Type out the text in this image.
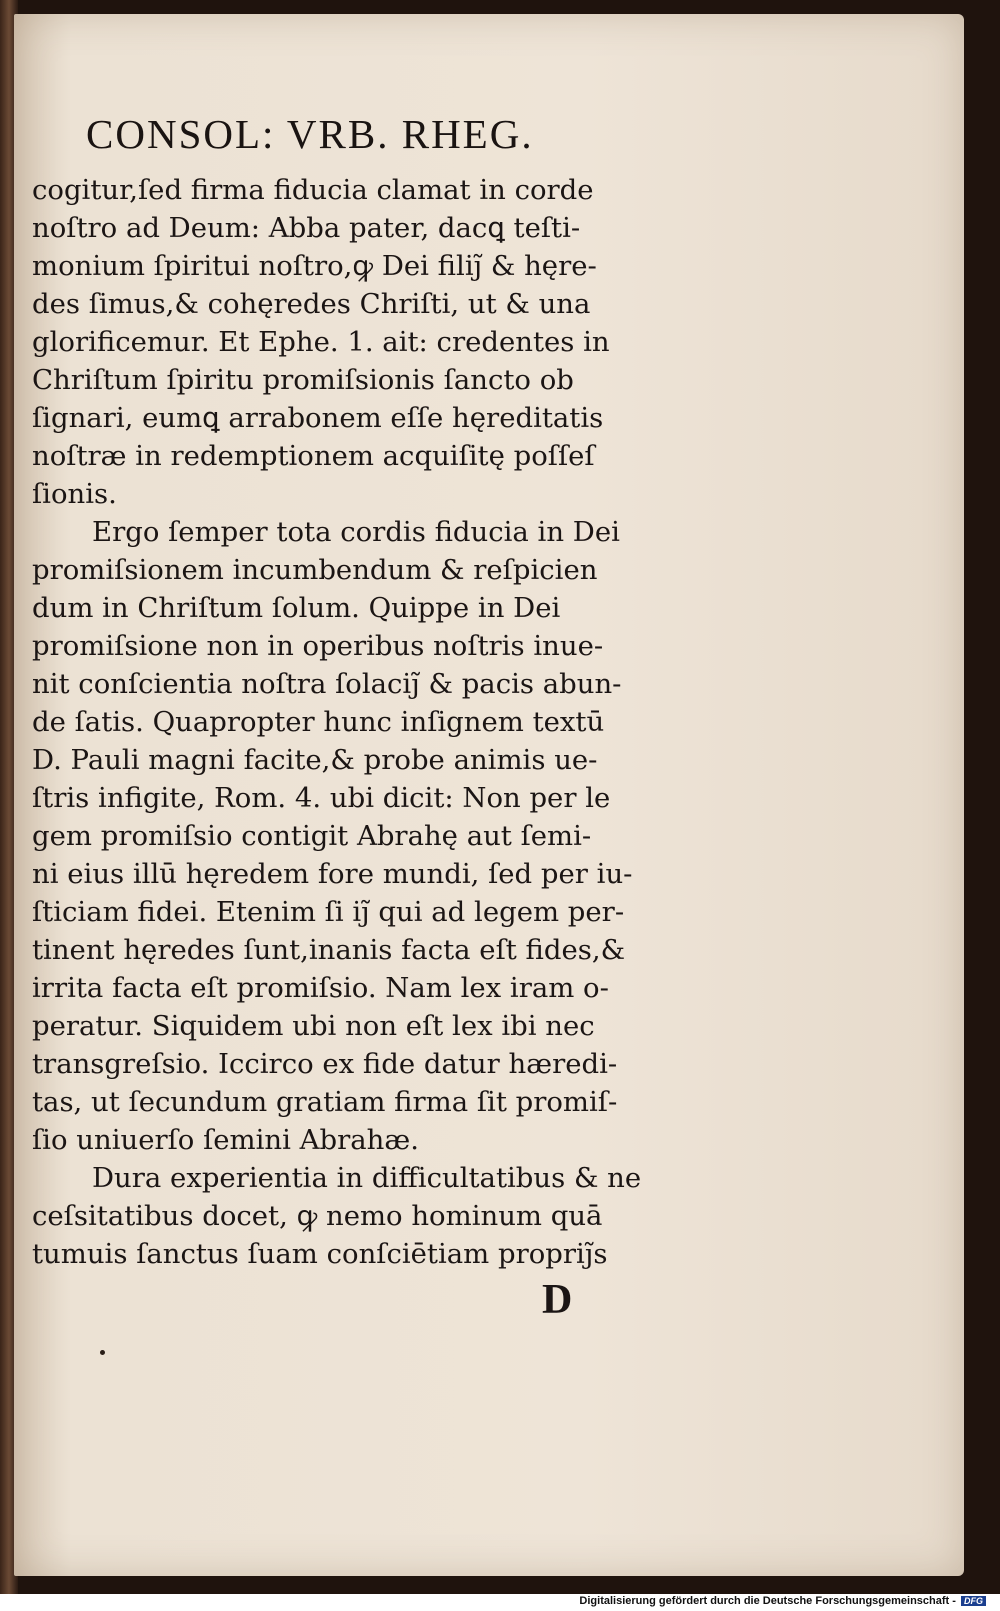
CONSOL: VRB. RHEG.
cogitur,ſed firma fiducia clamat in corde
noſtro ad Deum: Abba pater, dacꝗ teſti-
monium ſpiritui noſtro,ꝙ Dei filiȷ̃ & hęre-
des ſimus,& cohęredes Chriſti, ut & una
glorificemur. Et Ephe. 1. ait: credentes in
Chriſtum ſpiritu promiſsionis ſancto ob
ſignari, eumꝗ arrabonem eſſe hęreditatis
noſtræ in redemptionem acquiſitę poſſeſ
ſionis.
Ergo ſemper tota cordis fiducia in Dei
promiſsionem incumbendum & reſpicien
dum in Chriſtum ſolum. Quippe in Dei
promiſsione non in operibus noſtris inue-
nit conſcientia noſtra ſolaciȷ̃ & pacis abun-
de ſatis. Quapropter hunc inſignem textū
D. Pauli magni facite,& probe animis ue-
ſtris infigite, Rom. 4. ubi dicit: Non per le
gem promiſsio contigit Abrahę aut ſemi-
ni eius illū hęredem fore mundi, ſed per iu-
ſticiam fidei. Etenim ſi iȷ̃ qui ad legem per-
tinent hęredes ſunt,inanis facta eſt fides,&
irrita facta eſt promiſsio. Nam lex iram o-
peratur. Siquidem ubi non eſt lex ibi nec
transgreſsio. Iccirco ex fide datur hæredi-
tas, ut ſecundum gratiam firma ſit promiſ-
ſio uniuerſo ſemini Abrahæ.
Dura experientia in difficultatibus & ne
ceſsitatibus docet, ꝙ nemo hominum quā
tumuis ſanctus ſuam conſciētiam propriȷ̃s
D
Digitalisierung gefördert durch die Deutsche Forschungsgemeinschaft - DFG
